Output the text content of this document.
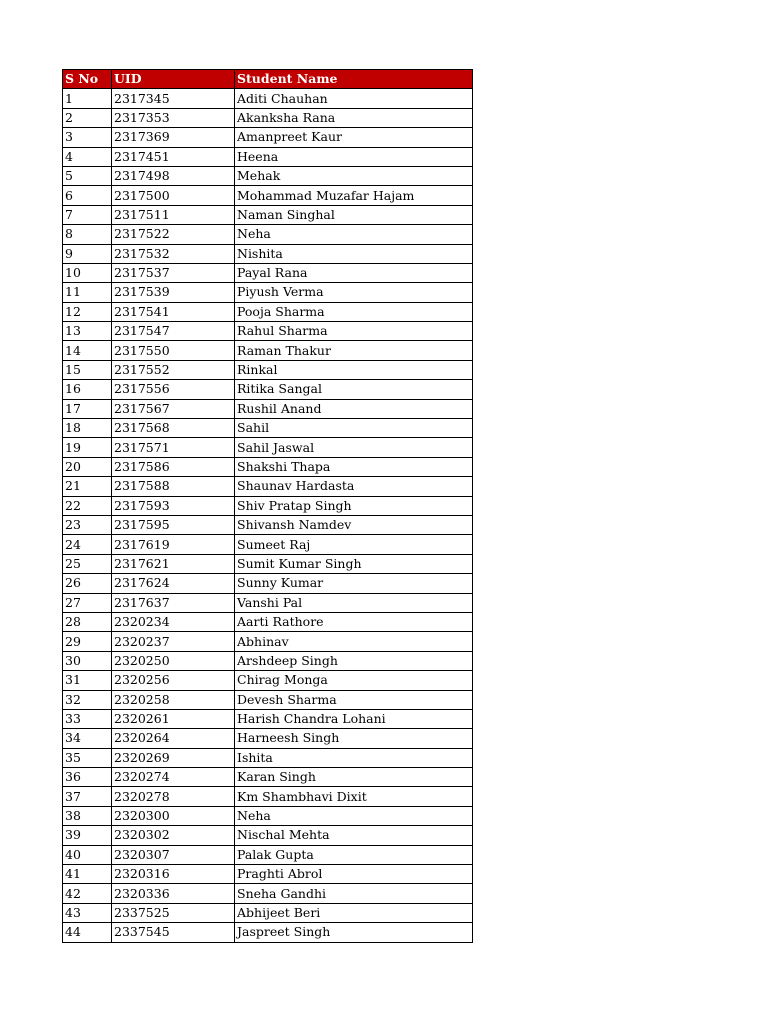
S No	UID	Student Name
1	2317345	Aditi Chauhan
2	2317353	Akanksha Rana
3	2317369	Amanpreet Kaur
4	2317451	Heena
5	2317498	Mehak
6	2317500	Mohammad Muzafar Hajam
7	2317511	Naman Singhal
8	2317522	Neha
9	2317532	Nishita
10	2317537	Payal Rana
11	2317539	Piyush Verma
12	2317541	Pooja Sharma
13	2317547	Rahul Sharma
14	2317550	Raman Thakur
15	2317552	Rinkal
16	2317556	Ritika Sangal
17	2317567	Rushil Anand
18	2317568	Sahil
19	2317571	Sahil Jaswal
20	2317586	Shakshi Thapa
21	2317588	Shaunav Hardasta
22	2317593	Shiv Pratap Singh
23	2317595	Shivansh Namdev
24	2317619	Sumeet Raj
25	2317621	Sumit Kumar Singh
26	2317624	Sunny Kumar
27	2317637	Vanshi Pal
28	2320234	Aarti Rathore
29	2320237	Abhinav
30	2320250	Arshdeep Singh
31	2320256	Chirag Monga
32	2320258	Devesh Sharma
33	2320261	Harish Chandra Lohani
34	2320264	Harneesh Singh
35	2320269	Ishita
36	2320274	Karan Singh
37	2320278	Km Shambhavi Dixit
38	2320300	Neha
39	2320302	Nischal Mehta
40	2320307	Palak Gupta
41	2320316	Praghti Abrol
42	2320336	Sneha Gandhi
43	2337525	Abhijeet Beri
44	2337545	Jaspreet Singh
